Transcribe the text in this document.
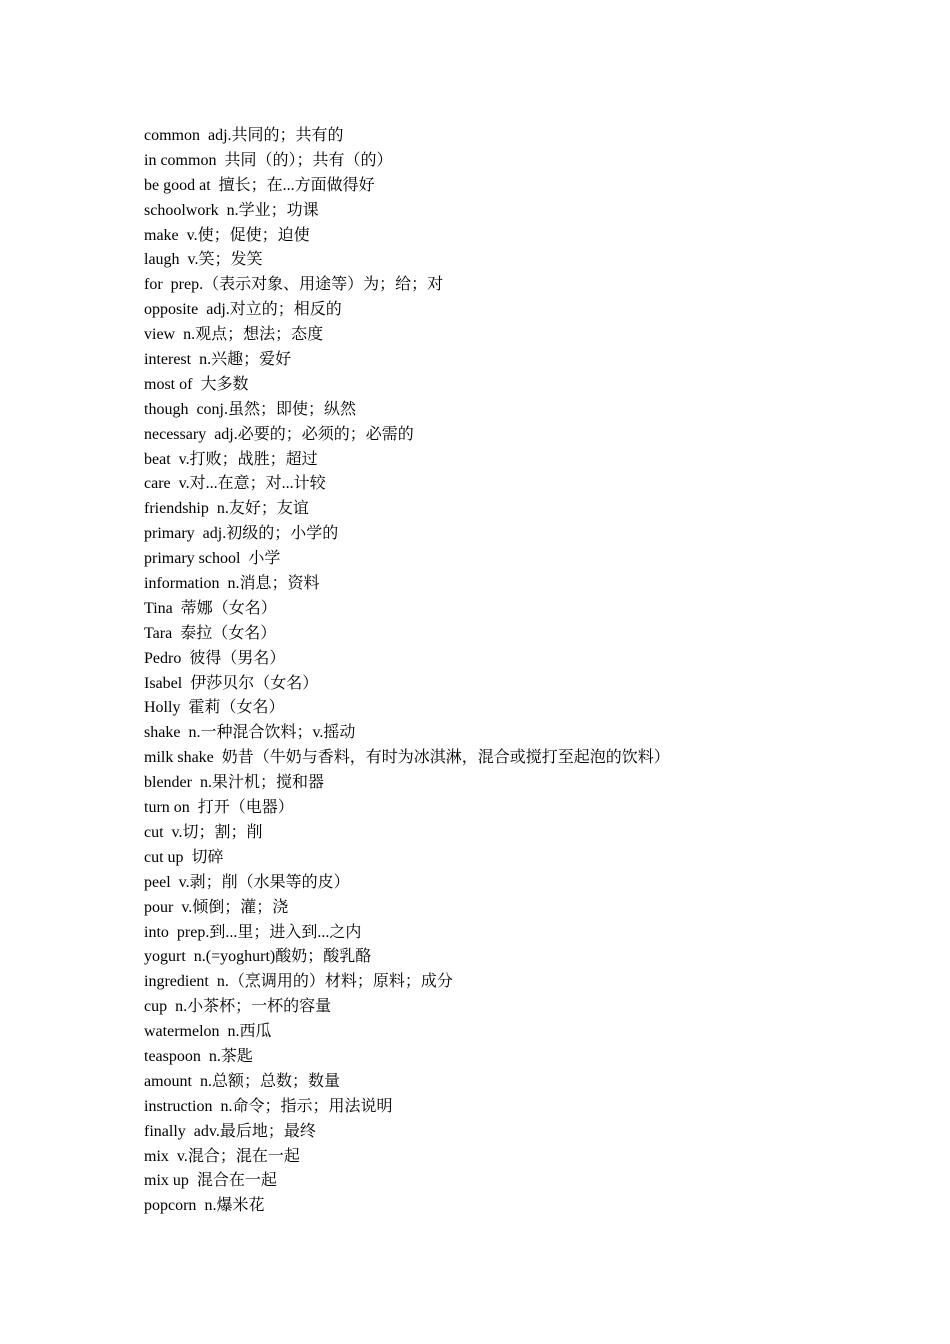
common adj.共同的；共有的
in common 共同（的）；共有（的）
be good at 擅长；在...方面做得好
schoolwork n.学业；功课
make v.使；促使；迫使
laugh v.笑；发笑
for prep.（表示对象、用途等）为；给；对
opposite adj.对立的；相反的
view n.观点；想法；态度
interest n.兴趣；爱好
most of 大多数
though conj.虽然；即使；纵然
necessary adj.必要的；必须的；必需的
beat v.打败；战胜；超过
care v.对...在意；对...计较
friendship n.友好；友谊
primary adj.初级的；小学的
primary school 小学
information n.消息；资料
Tina 蒂娜（女名）
Tara 泰拉（女名）
Pedro 彼得（男名）
Isabel 伊莎贝尔（女名）
Holly 霍莉（女名）
shake n.一种混合饮料；v.摇动
milk shake 奶昔（牛奶与香料，有时为冰淇淋，混合或搅打至起泡的饮料）
blender n.果汁机；搅和器
turn on 打开（电器）
cut v.切；割；削
cut up 切碎
peel v.剥；削（水果等的皮）
pour v.倾倒；灌；浇
into prep.到...里；进入到...之内
yogurt n.(=yoghurt)酸奶；酸乳酪
ingredient n.（烹调用的）材料；原料；成分
cup n.小茶杯；一杯的容量
watermelon n.西瓜
teaspoon n.茶匙
amount n.总额；总数；数量
instruction n.命令；指示；用法说明
finally adv.最后地；最终
mix v.混合；混在一起
mix up 混合在一起
popcorn n.爆米花
